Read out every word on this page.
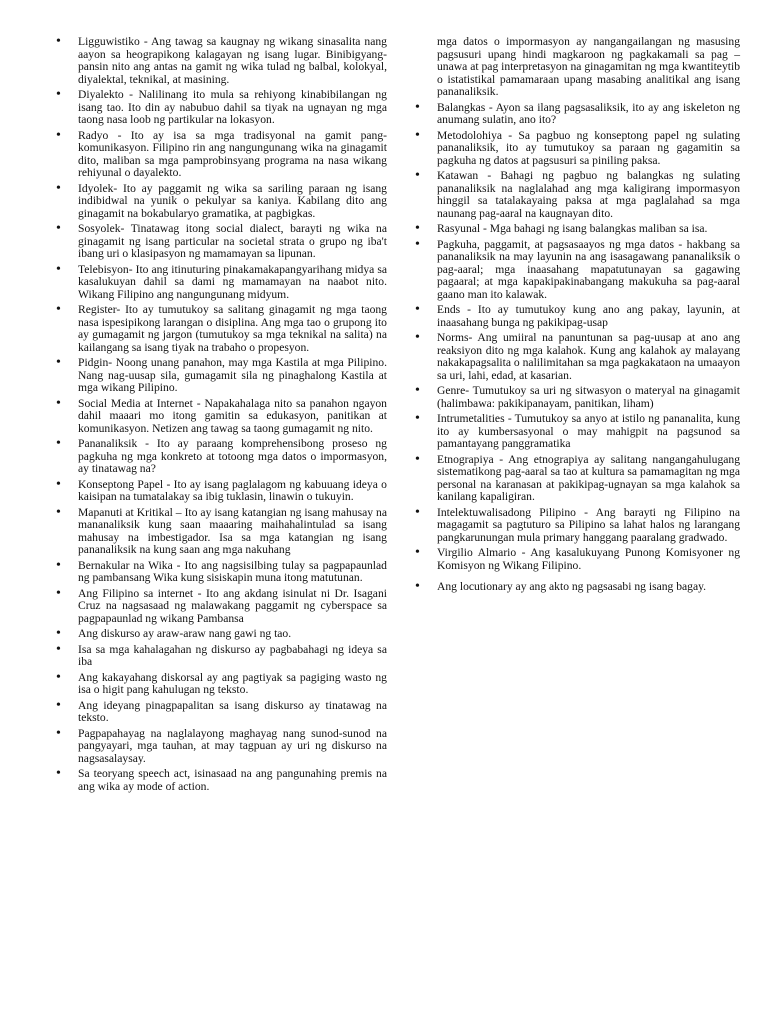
• Ligguwistiko - Ang tawag sa kaugnay ng wikang sinasalita nang aayon sa heograpikong kalagayan ng isang lugar. Binibigyang-pansin nito ang antas na gamit ng wika tulad ng balbal, kolokyal, diyalektal, teknikal, at masining.
• Diyalekto - Nalilinang ito mula sa rehiyong kinabibilangan ng isang tao. Ito din ay nabubuo dahil sa tiyak na ugnayan ng mga taong nasa loob ng partikular na lokasyon.
• Radyo - Ito ay isa sa mga tradisyonal na gamit pang-komunikasyon. Filipino rin ang nangungunang wika na ginagamit dito, maliban sa mga pamprobinsyang programa na nasa wikang rehiyunal o dayalekto.
• Idyolek- Ito ay paggamit ng wika sa sariling paraan ng isang indibidwal na yunik o pekulyar sa kaniya. Kabilang dito ang ginagamit na bokabularyo gramatika, at pagbigkas.
• Sosyolek- Tinatawag itong social dialect, barayti ng wika na ginagamit ng isang particular na societal strata o grupo ng iba't ibang uri o klasipasyon ng mamamayan sa lipunan.
• Telebisyon- Ito ang itinuturing pinakamakapangyarihang midya sa kasalukuyan dahil sa dami ng mamamayan na naabot nito. Wikang Filipino ang nangungunang midyum.
• Register- Ito ay tumutukoy sa salitang ginagamit ng mga taong nasa ispesipikong larangan o disiplina. Ang mga tao o grupong ito ay gumagamit ng jargon (tumutukoy sa mga teknikal na salita) na kailangang sa isang tiyak na trabaho o propesyon.
• Pidgin- Noong unang panahon, may mga Kastila at mga Pilipino. Nang nag-uusap sila, gumagamit sila ng pinaghalong Kastila at mga wikang Pilipino.
• Social Media at Internet - Napakahalaga nito sa panahon ngayon dahil maaari mo itong gamitin sa edukasyon, panitikan at komunikasyon. Netizen ang tawag sa taong gumagamit ng nito.
• Pananaliksik - Ito ay paraang komprehensibong proseso ng pagkuha ng mga konkreto at totoong mga datos o impormasyon, ay tinatawag na?
• Konseptong Papel - Ito ay isang paglalagom ng kabuuang ideya o kaisipan na tumatalakay sa ibig tuklasin, linawin o tukuyin.
• Mapanuti at Kritikal – Ito ay isang katangian ng isang mahusay na mananaliksik kung saan maaaring maihahalintulad sa isang mahusay na imbestigador. Isa sa mga katangian ng isang pananaliksik na kung saan ang mga nakuhang
• Bernakular na Wika - Ito ang nagsisilbing tulay sa pagpapaunlad ng pambansang Wika kung sisiskapin muna itong matutunan.
• Ang Filipino sa internet - Ito ang akdang isinulat ni Dr. Isagani Cruz na nagsasaad ng malawakang paggamit ng cyberspace sa pagpapaunlad ng wikang Pambansa
• Ang diskurso ay araw-araw nang gawi ng tao.
• Isa sa mga kahalagahan ng diskurso ay pagbabahagi ng ideya sa iba
• Ang kakayahang diskorsal ay ang pagtiyak sa pagiging wasto ng isa o higit pang kahulugan ng teksto.
• Ang ideyang pinagpapalitan sa isang diskurso ay tinatawag na teksto.
• Pagpapahayag na naglalayong maghayag nang sunod-sunod na pangyayari, mga tauhan, at may tagpuan ay uri ng diskurso na nagsasalaysay.
• Sa teoryang speech act, isinasaad na ang pangunahing premis na ang wika ay mode of action.
mga datos o impormasyon ay nangangailangan ng masusing pagsusuri upang hindi magkaroon ng pagkakamali sa pag –unawa at pag interpretasyon na ginagamitan ng mga kwantiteytib o istatistikal pamamaraan upang masabing analitikal ang isang pananaliksik.
• Balangkas - Ayon sa ilang pagsasaliksik, ito ay ang iskeleton ng anumang sulatin, ano ito?
• Metodolohiya - Sa pagbuo ng konseptong papel ng sulating pananaliksik, ito ay tumutukoy sa paraan ng gagamitin sa pagkuha ng datos at pagsusuri sa piniling paksa.
• Katawan - Bahagi ng pagbuo ng balangkas ng sulating pananaliksik na naglalahad ang mga kaligirang impormasyon hinggil sa tatalakayaing paksa at mga paglalahad sa mga naunang pag-aaral na kaugnayan dito.
• Rasyunal - Mga bahagi ng isang balangkas maliban sa isa.
• Pagkuha, paggamit, at pagsasaayos ng mga datos - hakbang sa pananaliksik na may layunin na ang isasagawang pananaliksik o pag-aaral; mga inaasahang mapatutunayan sa gagawing pagaaral; at mga kapakipakinabangang makukuha sa pag-aaral gaano man ito kalawak.
• Ends - Ito ay tumutukoy kung ano ang pakay, layunin, at inaasahang bunga ng pakikipag-usap
• Norms- Ang umiiral na panuntunan sa pag-uusap at ano ang reaksiyon dito ng mga kalahok. Kung ang kalahok ay malayang nakakapagsalita o nalilimitahan sa mga pagkakataon na umaayon sa uri, lahi, edad, at kasarian.
• Genre- Tumutukoy sa uri ng sitwasyon o materyal na ginagamit (halimbawa: pakikipanayam, panitikan, liham)
• Intrumetalities - Tumutukoy sa anyo at istilo ng pananalita, kung ito ay kumbersasyonal o may mahigpit na pagsunod sa pamantayang panggramatika
• Etnograpiya - Ang etnograpiya ay salitang nangangahulugang sistematikong pag-aaral sa tao at kultura sa pamamagitan ng mga personal na karanasan at pakikipag-ugnayan sa mga kalahok sa kanilang kapaligiran.
• Intelektuwalisadong Pilipino - Ang barayti ng Filipino na magagamit sa pagtuturo sa Pilipino sa lahat halos ng larangang pangkarunungan mula primary hanggang paaralang gradwado.
• Virgilio Almario - Ang kasalukuyang Punong Komisyoner ng Komisyon ng Wikang Filipino.
• Ang locutionary ay ang akto ng pagsasabi ng isang bagay.
